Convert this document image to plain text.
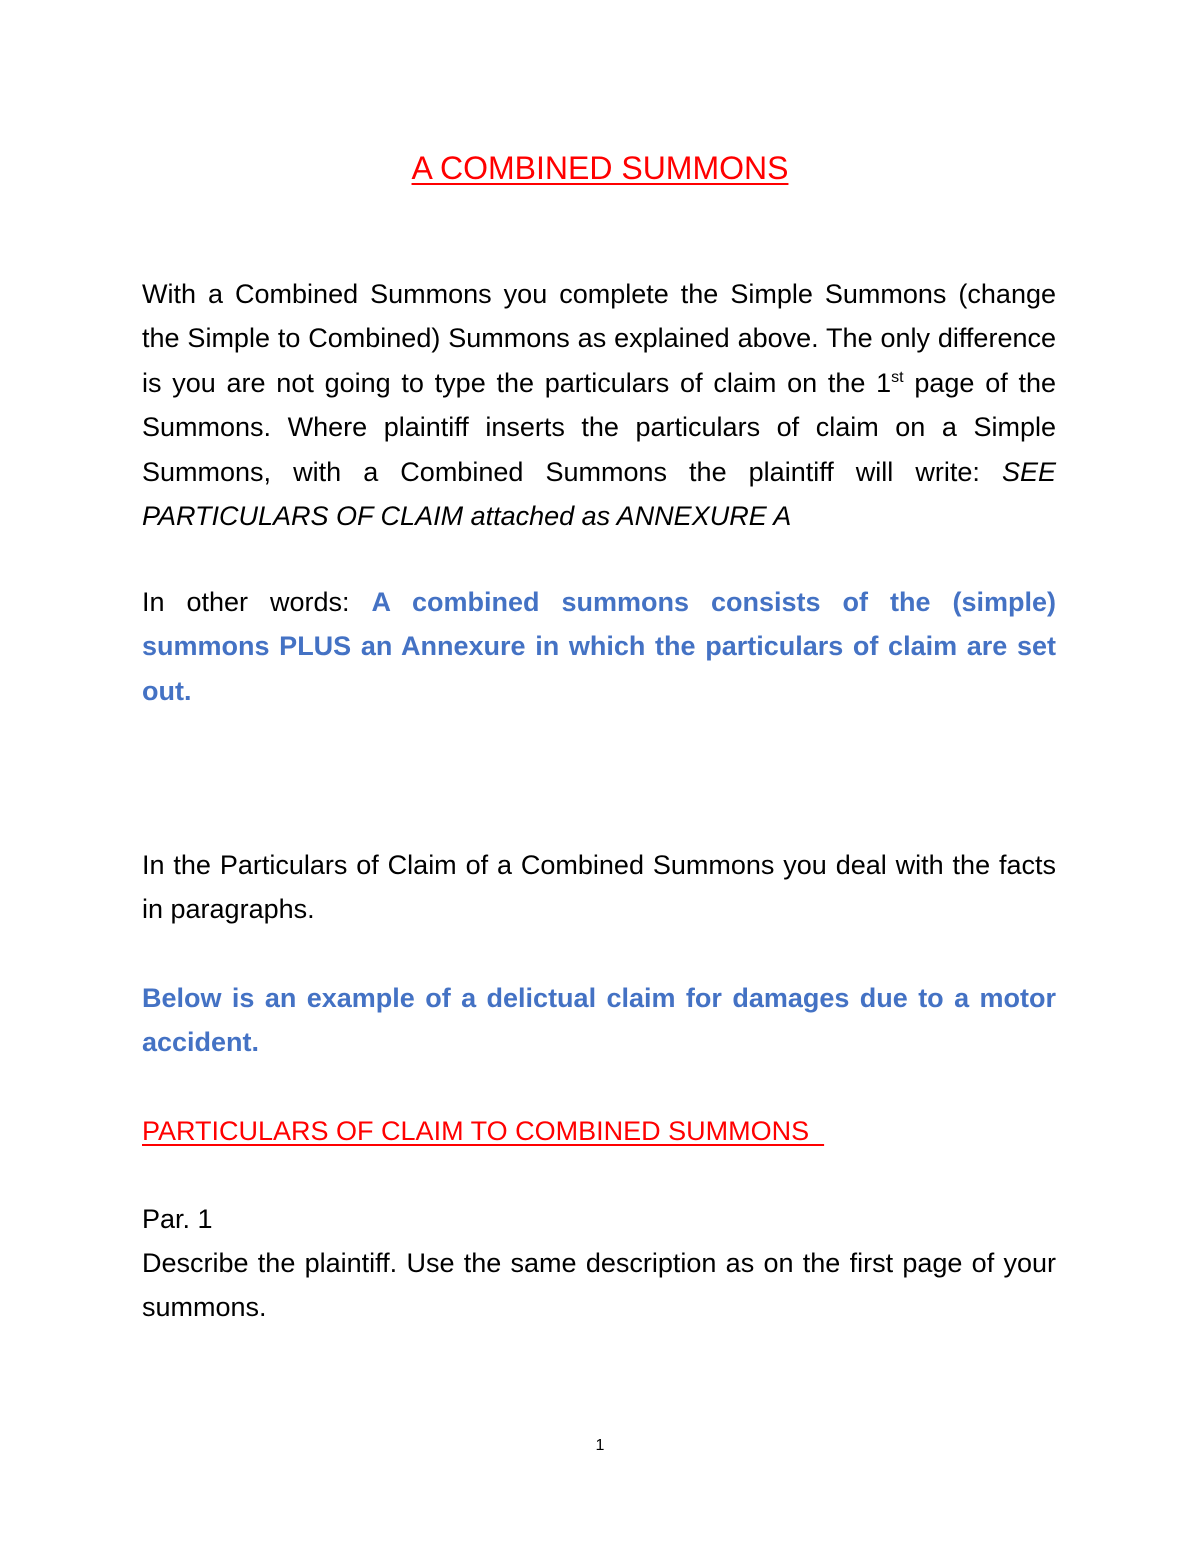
A COMBINED SUMMONS
With a Combined Summons you complete the Simple Summons (change the Simple to Combined) Summons as explained above. The only difference is you are not going to type the particulars of claim on the 1st page of the Summons. Where plaintiff inserts the particulars of claim on a Simple Summons, with a Combined Summons the plaintiff will write: SEE PARTICULARS OF CLAIM attached as ANNEXURE A
In other words: A combined summons consists of the (simple) summons PLUS an Annexure in which the particulars of claim are set out.
In the Particulars of Claim of a Combined Summons you deal with the facts in paragraphs.
Below is an example of a delictual claim for damages due to a motor accident.
PARTICULARS OF CLAIM TO COMBINED SUMMONS
Par. 1
Describe the plaintiff. Use the same description as on the first page of your summons.
1
